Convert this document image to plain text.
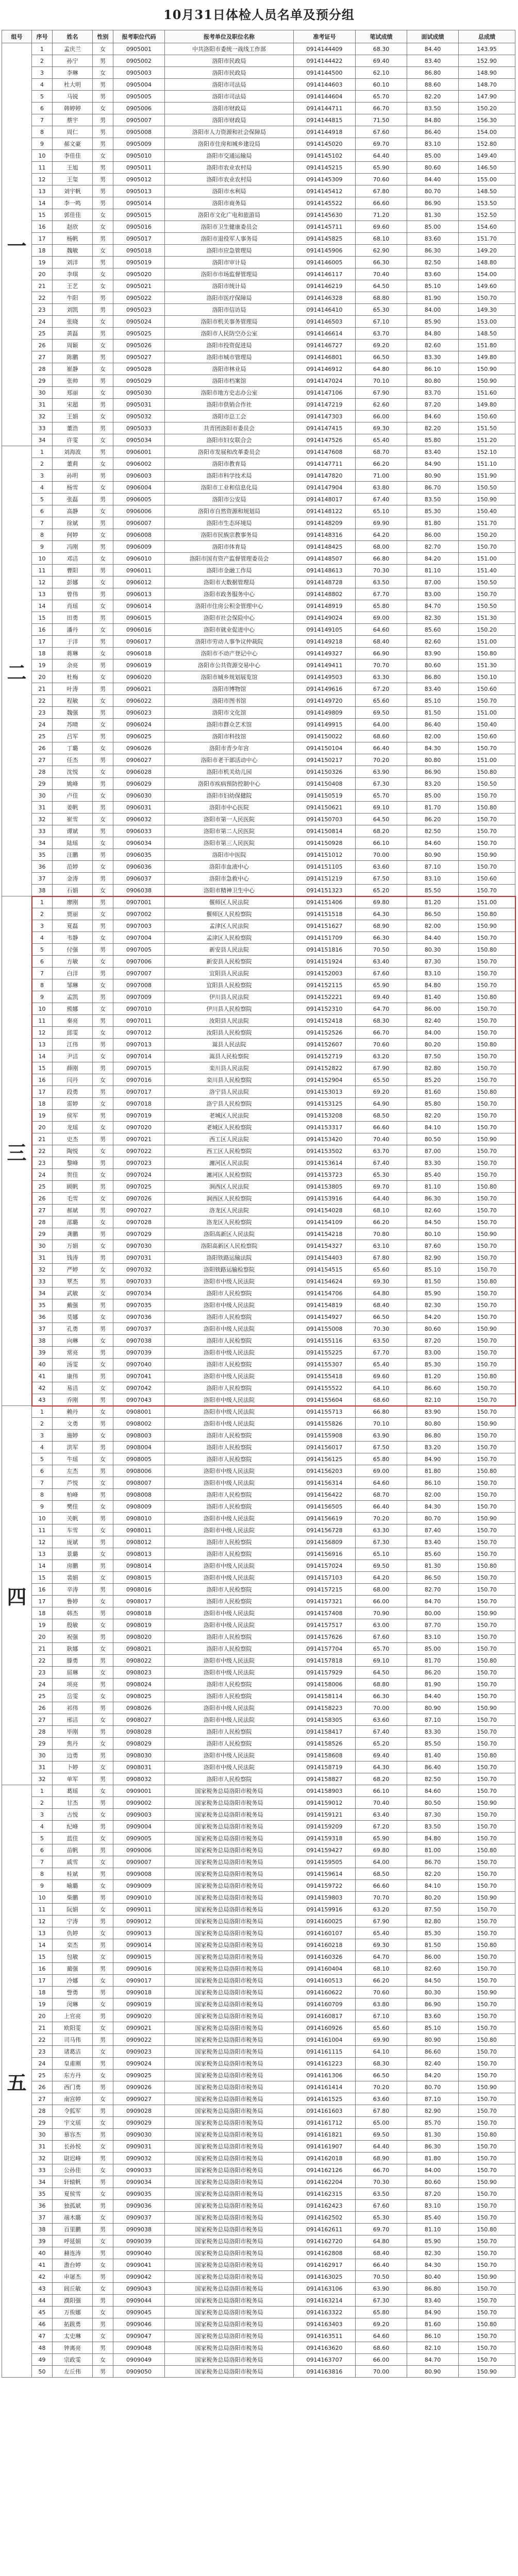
10月31日体检人员名单及预分组
组号	序号	姓名	性别	报考职位代码	报考单位及职位名称	准考证号	笔试成绩	面试成绩	总成绩
一	1	孟庆兰	女	0905001	中共洛阳市委统一战线工作部	0914144409	68.30	84.40	143.95
	2	孙宁	男	0905002	洛阳市民政局	0914144422	69.40	83.40	152.90
	3	李琳	女	0905003	洛阳市民政局	0914144500	62.10	86.80	148.90
	4	杜大明	男	0905004	洛阳市司法局	0914144603	60.10	88.60	148.70
	5	马锐	男	0905005	洛阳市司法局	0914144604	65.70	82.20	147.90
	6	韩婷婷	女	0905006	洛阳市财政局	0914144711	66.70	83.50	150.20
	7	蔡宇	男	0905007	洛阳市财政局	0914144815	71.50	84.80	156.30
	8	周仁	男	0905008	洛阳市人力资源和社会保障局	0914144918	67.60	86.40	154.00
	9	郝文豪	男	0905009	洛阳市住房和城乡建设局	0914145020	69.70	83.10	152.80
	10	李佳佳	女	0905010	洛阳市交通运输局	0914145102	64.40	85.00	149.40
	11	王旭	男	0905011	洛阳市农业农村局	0914145215	65.90	80.60	146.50
	12	王玺	男	0905012	洛阳市农业农村局	0914145309	70.60	84.40	155.00
	13	刘宇帆	男	0905013	洛阳市水利局	0914145412	67.80	80.70	148.50
	14	李一鸣	男	0905014	洛阳市商务局	0914145522	66.60	86.90	153.50
	15	郭佳佳	女	0905015	洛阳市文化广电和旅游局	0914145630	71.20	81.30	152.50
	16	赵欣	女	0905016	洛阳市卫生健康委员会	0914145711	69.60	85.00	154.60
	17	杨帆	男	0905017	洛阳市退役军人事务局	0914145825	68.10	83.60	151.70
	18	魏敏	女	0905018	洛阳市应急管理局	0914145906	62.90	86.30	149.20
	19	刘洋	男	0905019	洛阳市审计局	0914146005	66.30	82.50	148.80
	20	李琪	女	0905020	洛阳市市场监督管理局	0914146117	70.40	83.60	154.00
	21	王艺	女	0905021	洛阳市统计局	0914146219	64.50	85.10	149.60
	22	牛阳	男	0905022	洛阳市医疗保障局	0914146328	68.80	81.90	150.70
	23	刘凯	男	0905023	洛阳市信访局	0914146410	65.30	84.00	149.30
	24	张晓	女	0905024	洛阳市机关事务管理局	0914146503	67.10	85.90	153.00
	25	黄磊	男	0905025	洛阳市人民防空办公室	0914146614	63.70	84.80	148.50
	26	周颖	女	0905026	洛阳市投资促进局	0914146727	69.20	82.60	151.80
	27	陈鹏	男	0905027	洛阳市城市管理局	0914146801	66.50	83.30	149.80
	28	崔静	女	0905028	洛阳市林业局	0914146912	64.80	86.10	150.90
	29	张帅	男	0905029	洛阳市档案馆	0914147024	70.10	80.80	150.90
	30	郑丽	女	0905030	洛阳市地方史志办公室	0914147106	67.90	83.70	151.60
	31	宋超	男	0905031	洛阳市供销合作社	0914147219	62.60	87.20	149.80
	32	王娟	女	0905032	洛阳市总工会	0914147303	66.00	84.60	150.60
	33	董浩	男	0905033	共青团洛阳市委员会	0914147415	69.30	82.20	151.50
	34	许雯	女	0905034	洛阳市妇女联合会	0914147526	65.40	85.80	151.20
二	1	刘海波	男	0906001	洛阳市发展和改革委员会	0914147608	68.70	83.40	152.10
	2	董莉	女	0906002	洛阳市教育局	0914147711	66.20	84.90	151.10
	3	孙明	男	0906003	洛阳市科学技术局	0914147820	71.00	80.90	151.90
	4	杨雪	女	0906004	洛阳市工业和信息化局	0914147904	63.80	86.70	150.50
	5	张磊	男	0906005	洛阳市公安局	0914148017	67.40	83.50	150.90
	6	高静	女	0906006	洛阳市自然资源和规划局	0914148122	65.10	85.30	150.40
	7	徐斌	男	0906007	洛阳市生态环境局	0914148209	69.90	81.80	151.70
	8	何婷	女	0906008	洛阳市民族宗教事务局	0914148316	64.20	86.00	150.20
	9	冯刚	男	0906009	洛阳市体育局	0914148425	68.00	82.70	150.70
	10	邓洁	女	0906010	洛阳市国有资产监督管理委员会	0914148507	66.80	84.20	151.00
	11	曹阳	男	0906011	洛阳市金融工作局	0914148613	70.30	81.10	151.40
	12	彭娜	女	0906012	洛阳市大数据管理局	0914148728	63.50	87.00	150.50
	13	曾伟	男	0906013	洛阳市政务服务中心	0914148802	67.70	83.00	150.70
	14	肖瑶	女	0906014	洛阳市住房公积金管理中心	0914148919	65.80	84.70	150.50
	15	田勇	男	0906015	洛阳市社会保险中心	0914149024	69.00	82.30	151.30
	16	潘丹	女	0906016	洛阳市就业促进中心	0914149105	64.60	85.60	150.20
	17	于洋	男	0906017	洛阳市劳动人事争议仲裁院	0914149218	68.40	82.60	151.00
	18	蒋琳	女	0906018	洛阳市不动产登记中心	0914149327	66.90	83.90	150.80
	19	余亮	男	0906019	洛阳市公共资源交易中心	0914149411	70.70	80.60	151.30
	20	杜梅	女	0906020	洛阳市城乡规划展览馆	0914149503	63.30	86.80	150.10
	21	叶涛	男	0906021	洛阳市博物馆	0914149616	67.20	83.40	150.60
	22	程敏	女	0906022	洛阳市图书馆	0914149720	65.60	85.10	150.70
	23	魏强	男	0906023	洛阳市文化馆	0914149809	69.50	81.50	151.00
	24	苏晴	女	0906024	洛阳市群众艺术馆	0914149915	64.00	86.40	150.40
	25	吕军	男	0906025	洛阳市科技馆	0914150022	68.60	82.00	150.60
	26	丁璐	女	0906026	洛阳市青少年宫	0914150104	66.40	84.30	150.70
	27	任杰	男	0906027	洛阳市老干部活动中心	0914150217	70.20	80.80	151.00
	28	沈悦	女	0906028	洛阳市机关幼儿园	0914150326	63.90	86.90	150.80
	29	姚峰	男	0906029	洛阳市疾病预防控制中心	0914150408	67.30	83.20	150.50
	30	卢佳	女	0906030	洛阳市妇幼保健院	0914150519	65.70	85.00	150.70
	31	姜帆	男	0906031	洛阳市中心医院	0914150621	69.10	81.70	150.80
	32	崔雪	女	0906032	洛阳市第一人民医院	0914150703	64.50	86.20	150.70
	33	谭斌	男	0906033	洛阳市第二人民医院	0914150814	68.20	82.50	150.70
	34	陆瑶	女	0906034	洛阳市第三人民医院	0914150928	66.10	84.60	150.70
	35	汪鹏	男	0906035	洛阳市中医院	0914151012	70.00	80.90	150.90
	36	范婷	女	0906036	洛阳市血液中心	0914151105	63.60	87.10	150.70
	37	金涛	男	0906037	洛阳市急救中心	0914151219	67.50	83.10	150.60
	38	石娟	女	0906038	洛阳市精神卫生中心	0914151323	65.20	85.50	150.70
三	1	廖刚	男	0907001	偃师区人民法院	0914151406	69.80	81.20	151.00
	2	贾丽	女	0907002	偃师区人民检察院	0914151518	64.30	86.50	150.80
	3	夏磊	男	0907003	孟津区人民法院	0914151627	68.90	82.00	150.90
	4	韦静	女	0907004	孟津区人民检察院	0914151709	66.30	84.40	150.70
	5	付强	男	0907005	新安县人民法院	0914151816	70.50	80.30	150.80
	6	方敏	女	0907006	新安县人民检察院	0914151924	63.40	87.30	150.70
	7	白洋	男	0907007	宜阳县人民法院	0914152003	67.60	83.10	150.70
	8	邹琳	女	0907008	宜阳县人民检察院	0914152115	65.90	84.80	150.70
	9	孟凯	男	0907009	伊川县人民法院	0914152221	69.40	81.40	150.80
	10	熊娜	女	0907010	伊川县人民检察院	0914152310	64.70	86.00	150.70
	11	秦亮	男	0907011	汝阳县人民法院	0914152418	68.30	82.40	150.70
	12	邱雯	女	0907012	汝阳县人民检察院	0914152526	66.70	84.00	150.70
	13	江伟	男	0907013	嵩县人民法院	0914152607	70.60	80.20	150.80
	14	尹洁	女	0907014	嵩县人民检察院	0914152719	63.20	87.50	150.70
	15	薛刚	男	0907015	栾川县人民法院	0914152822	67.90	82.80	150.70
	16	闫丹	女	0907016	栾川县人民检察院	0914152904	65.50	85.20	150.70
	17	段勇	男	0907017	洛宁县人民法院	0914153013	69.20	81.60	150.80
	18	雷婷	女	0907018	洛宁县人民检察院	0914153125	64.90	85.80	150.70
	19	侯军	男	0907019	老城区人民法院	0914153208	68.50	82.20	150.70
	20	龙瑶	女	0907020	老城区人民检察院	0914153317	66.60	84.10	150.70
	21	史杰	男	0907021	西工区人民法院	0914153420	70.40	80.50	150.90
	22	陶悦	女	0907022	西工区人民检察院	0914153502	63.70	87.00	150.70
	23	黎峰	男	0907023	瀍河区人民法院	0914153614	67.40	83.30	150.70
	24	贺佳	女	0907024	瀍河区人民检察院	0914153723	65.30	85.40	150.70
	25	顾帆	男	0907025	涧西区人民法院	0914153805	69.70	81.10	150.80
	26	毛雪	女	0907026	涧西区人民检察院	0914153916	64.40	86.30	150.70
	27	郝斌	男	0907027	洛龙区人民法院	0914154028	68.10	82.60	150.70
	28	邵璐	女	0907028	洛龙区人民检察院	0914154109	66.20	84.50	150.70
	29	龚鹏	男	0907029	洛阳高新区人民法院	0914154218	70.80	80.10	150.90
	30	万娟	女	0907030	洛阳高新区人民检察院	0914154327	63.10	87.60	150.70
	31	钱涛	男	0907031	洛阳铁路运输法院	0914154403	67.80	82.90	150.70
	32	严婷	女	0907032	洛阳铁路运输检察院	0914154515	65.60	85.10	150.70
	33	覃杰	男	0907033	洛阳市中级人民法院	0914154624	69.30	81.50	150.80
	34	武敏	女	0907034	洛阳市人民检察院	0914154706	64.80	85.90	150.70
	35	戴强	男	0907035	洛阳市中级人民法院	0914154819	68.40	82.30	150.70
	36	莫娜	女	0907036	洛阳市人民检察院	0914154927	66.50	84.20	150.70
	37	孔勇	男	0907037	洛阳市中级人民法院	0914155008	70.30	80.60	150.90
	38	向琳	女	0907038	洛阳市人民检察院	0914155116	63.50	87.20	150.70
	39	常亮	男	0907039	洛阳市中级人民法院	0914155225	67.70	83.00	150.70
	40	汤雯	女	0907040	洛阳市人民检察院	0914155307	65.40	85.30	150.70
	41	康伟	男	0907041	洛阳市中级人民法院	0914155418	69.60	81.20	150.80
	42	易洁	女	0907042	洛阳市人民检察院	0914155522	64.10	86.60	150.70
	43	乔刚	男	0907043	洛阳市中级人民法院	0914155604	68.60	82.10	150.70
四	1	赖丹	女	0908001	洛阳市中级人民法院	0914155713	66.80	83.90	150.70
	2	文勇	男	0908002	洛阳市中级人民法院	0914155826	70.10	80.80	150.90
	3	施婷	女	0908003	洛阳市人民检察院	0914155908	63.90	86.80	150.70
	4	洪军	男	0908004	洛阳市人民检察院	0914156017	67.50	83.20	150.70
	5	牛瑶	女	0908005	洛阳市人民检察院	0914156125	65.80	84.90	150.70
	6	左杰	男	0908006	洛阳市中级人民法院	0914156203	69.00	81.80	150.80
	7	芦悦	女	0908007	洛阳市中级人民法院	0914156314	64.60	86.10	150.70
	8	柏峰	男	0908008	洛阳市人民检察院	0914156422	68.70	82.00	150.70
	9	樊佳	女	0908009	洛阳市人民检察院	0914156505	66.40	84.30	150.70
	10	关帆	男	0908010	洛阳市中级人民法院	0914156619	70.20	80.70	150.90
	11	车雪	女	0908011	洛阳市中级人民法院	0914156728	63.30	87.40	150.70
	12	庞斌	男	0908012	洛阳市人民检察院	0914156809	67.30	83.40	150.70
	13	景璐	女	0908013	洛阳市人民检察院	0914156916	65.10	85.60	150.70
	14	房鹏	男	0908014	洛阳市中级人民法院	0914157024	69.50	81.30	150.80
	15	裴娟	女	0908015	洛阳市中级人民法院	0914157103	64.20	86.50	150.70
	16	辛涛	男	0908016	洛阳市人民检察院	0914157215	68.00	82.70	150.70
	17	鲁婷	女	0908017	洛阳市人民检察院	0914157321	66.00	84.70	150.70
	18	韩杰	男	0908018	洛阳市中级人民法院	0914157408	70.90	80.00	150.90
	19	殷敏	女	0908019	洛阳市中级人民法院	0914157517	63.00	87.70	150.70
	20	祝强	男	0908020	洛阳市人民检察院	0914157626	67.60	83.10	150.70
	21	耿娜	女	0908021	洛阳市人民检察院	0914157704	65.70	85.00	150.70
	22	滕勇	男	0908022	洛阳市中级人民法院	0914157818	69.10	81.70	150.80
	23	屈琳	女	0908023	洛阳市中级人民法院	0914157929	64.50	86.20	150.70
	24	项亮	男	0908024	洛阳市人民检察院	0914158006	68.80	81.90	150.70
	25	岳雯	女	0908025	洛阳市人民检察院	0914158114	66.30	84.40	150.70
	26	祁伟	男	0908026	洛阳市中级人民法院	0914158223	70.00	80.90	150.90
	27	邢洁	女	0908027	洛阳市中级人民法院	0914158305	63.60	87.10	150.70
	28	毕刚	男	0908028	洛阳市人民检察院	0914158417	67.40	83.30	150.70
	29	焦丹	女	0908029	洛阳市人民检察院	0914158526	65.20	85.50	150.70
	30	边勇	男	0908030	洛阳市中级人民法院	0914158608	69.40	81.40	150.80
	31	卜婷	女	0908031	洛阳市中级人民法院	0914158719	64.30	86.40	150.70
	32	单军	男	0908032	洛阳市人民检察院	0914158827	68.20	82.50	150.70
五	1	葛瑶	女	0909001	国家税务总局洛阳市税务局	0914158903	66.10	84.60	150.70
	2	甘杰	男	0909002	国家税务总局洛阳市税务局	0914159012	70.40	80.50	150.90
	3	古悦	女	0909003	国家税务总局洛阳市税务局	0914159121	63.40	87.30	150.70
	4	纪峰	男	0909004	国家税务总局洛阳市税务局	0914159209	67.20	83.50	150.70
	5	蓝佳	女	0909005	国家税务总局洛阳市税务局	0914159318	65.90	84.80	150.70
	6	苗帆	男	0909006	国家税务总局洛阳市税务局	0914159427	69.80	81.00	150.80
	7	戚雪	女	0909007	国家税务总局洛阳市税务局	0914159505	64.00	86.70	150.70
	8	桂斌	男	0909008	国家税务总局洛阳市税务局	0914159614	68.50	82.20	150.70
	9	喻璐	女	0909009	国家税务总局洛阳市税务局	0914159722	66.60	84.10	150.70
	10	柴鹏	男	0909010	国家税务总局洛阳市税务局	0914159803	70.70	80.20	150.90
	11	阮娟	女	0909011	国家税务总局洛阳市税务局	0914159916	63.20	87.50	150.70
	12	宁涛	男	0909012	国家税务总局洛阳市税务局	0914160025	67.90	82.80	150.70
	13	仇婷	女	0909013	国家税务总局洛阳市税务局	0914160107	65.40	85.30	150.70
	14	栾杰	男	0909014	国家税务总局洛阳市税务局	0914160218	69.30	81.50	150.80
	15	包敏	女	0909015	国家税务总局洛阳市税务局	0914160326	64.70	86.00	150.70
	16	蔺强	男	0909016	国家税务总局洛阳市税务局	0914160404	68.10	82.60	150.70
	17	冷娜	女	0909017	国家税务总局洛阳市税务局	0914160513	66.20	84.50	150.70
	18	訾勇	男	0909018	国家税务总局洛阳市税务局	0914160622	70.60	80.30	150.90
	19	闵琳	女	0909019	国家税务总局洛阳市税务局	0914160709	63.80	86.90	150.70
	20	上官亮	男	0909020	国家税务总局洛阳市税务局	0914160817	67.10	83.60	150.70
	21	欧阳雯	女	0909021	国家税务总局洛阳市税务局	0914160926	65.60	85.10	150.70
	22	司马伟	男	0909022	国家税务总局洛阳市税务局	0914161004	69.90	80.90	150.80
	23	诸葛洁	女	0909023	国家税务总局洛阳市税务局	0914161115	64.10	86.60	150.70
	24	皇甫刚	男	0909024	国家税务总局洛阳市税务局	0914161223	68.30	82.40	150.70
	25	东方丹	女	0909025	国家税务总局洛阳市税务局	0914161306	66.50	84.20	150.70
	26	西门勇	男	0909026	国家税务总局洛阳市税务局	0914161414	70.20	80.70	150.90
	27	南宫婷	女	0909027	国家税务总局洛阳市税务局	0914161525	63.60	87.10	150.70
	28	令狐军	男	0909028	国家税务总局洛阳市税务局	0914161603	67.80	82.90	150.70
	29	宇文瑶	女	0909029	国家税务总局洛阳市税务局	0914161712	65.00	85.70	150.70
	30	慕容杰	男	0909030	国家税务总局洛阳市税务局	0914161821	69.50	81.30	150.80
	31	长孙悦	女	0909031	国家税务总局洛阳市税务局	0914161907	64.40	86.30	150.70
	32	尉迟峰	男	0909032	国家税务总局洛阳市税务局	0914162018	68.90	81.80	150.70
	33	公孙佳	女	0909033	国家税务总局洛阳市税务局	0914162126	66.70	84.00	150.70
	34	轩辕帆	男	0909034	国家税务总局洛阳市税务局	0914162204	70.30	80.60	150.90
	35	夏侯雪	女	0909035	国家税务总局洛阳市税务局	0914162315	63.50	87.20	150.70
	36	独孤斌	男	0909036	国家税务总局洛阳市税务局	0914162423	67.60	83.10	150.70
	37	端木璐	女	0909037	国家税务总局洛阳市税务局	0914162502	65.30	85.40	150.70
	38	百里鹏	男	0909038	国家税务总局洛阳市税务局	0914162611	69.70	81.10	150.80
	39	呼延娟	女	0909039	国家税务总局洛阳市税务局	0914162720	64.80	85.90	150.70
	40	赫连涛	男	0909040	国家税务总局洛阳市税务局	0914162808	68.40	82.30	150.70
	41	澹台婷	女	0909041	国家税务总局洛阳市税务局	0914162917	66.40	84.30	150.70
	42	申屠杰	男	0909042	国家税务总局洛阳市税务局	0914163025	70.50	80.40	150.90
	43	闾丘敏	女	0909043	国家税务总局洛阳市税务局	0914163106	63.90	86.80	150.70
	44	濮阳强	男	0909044	国家税务总局洛阳市税务局	0914163214	67.30	83.40	150.70
	45	万俟娜	女	0909045	国家税务总局洛阳市税务局	0914163322	65.80	84.90	150.70
	46	拓跋勇	男	0909046	国家税务总局洛阳市税务局	0914163403	69.20	81.60	150.80
	47	太史琳	女	0909047	国家税务总局洛阳市税务局	0914163511	64.60	86.10	150.70
	48	钟离亮	男	0909048	国家税务总局洛阳市税务局	0914163620	68.60	82.10	150.70
	49	宗政雯	女	0909049	国家税务总局洛阳市税务局	0914163707	66.00	84.70	150.70
	50	左丘伟	男	0909050	国家税务总局洛阳市税务局	0914163816	70.00	80.90	150.90
